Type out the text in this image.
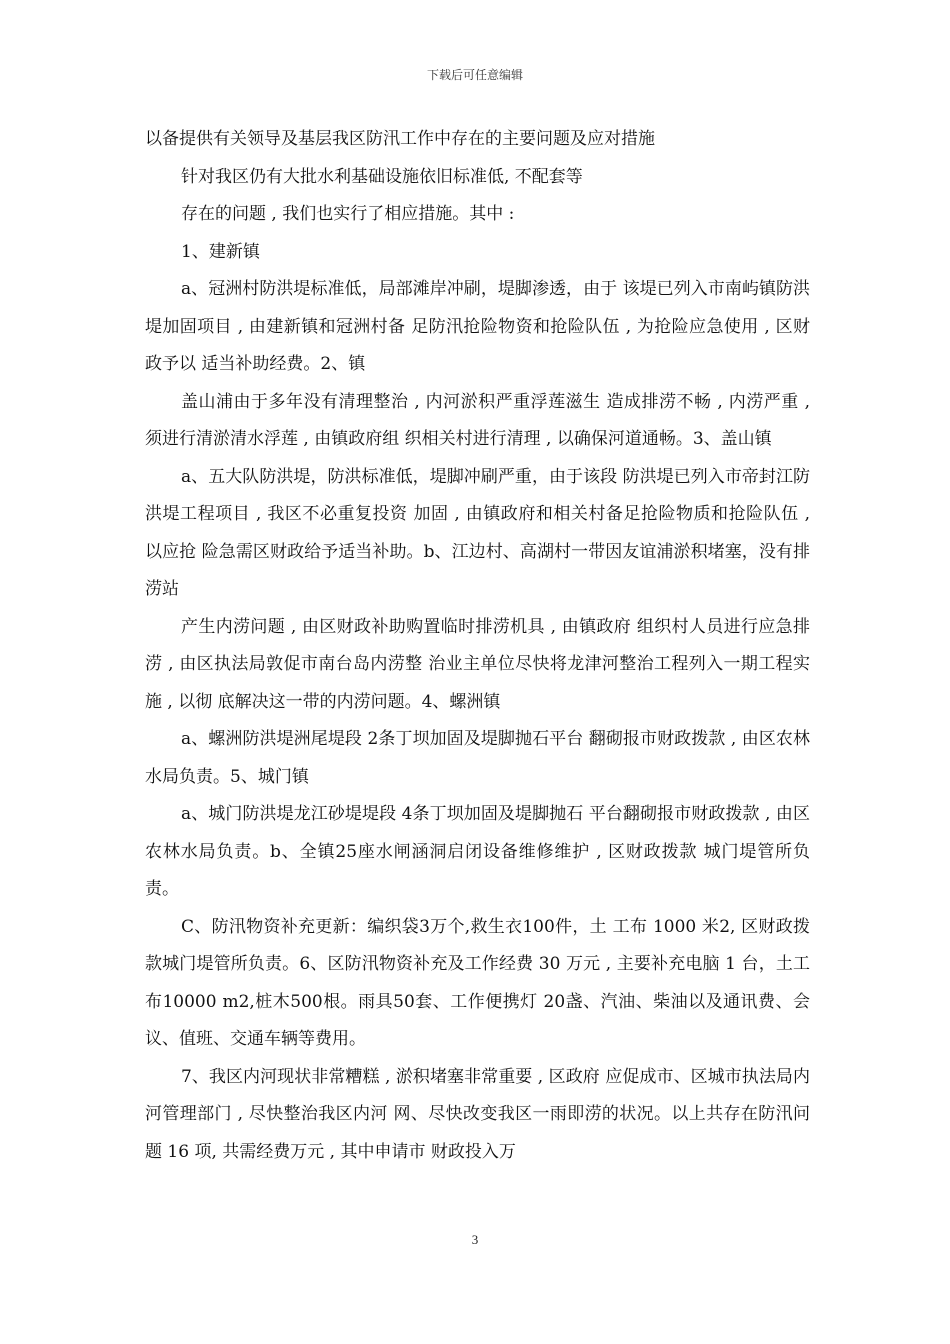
下载后可任意编辑

以备提供有关领导及基层我区防汛工作中存在的主要问题及应对措施

针对我区仍有大批水利基础设施依旧标准低, 不配套等

存在的问题 , 我们也实行了相应措施。其中 :

1、建新镇

a、冠洲村防洪堤标准低，局部滩岸冲刷，堤脚渗透，由于 该堤已列入市南屿镇防洪堤加固项目 , 由建新镇和冠洲村备 足防汛抢险物资和抢险队伍 , 为抢险应急使用 , 区财政予以 适当补助经费。2、镇

盖山浦由于多年没有清理整治 , 内河淤积严重浮莲滋生 造成排涝不畅 , 内涝严重 , 须进行清淤清水浮莲 , 由镇政府组 织相关村进行清理 , 以确保河道通畅。3、盖山镇

a、五大队防洪堤，防洪标准低，堤脚冲刷严重，由于该段 防洪堤已列入市帝封江防洪堤工程项目 , 我区不必重复投资 加固 , 由镇政府和相关村备足抢险物质和抢险队伍 , 以应抢 险急需区财政给予适当补助。b、江边村、高湖村一带因友谊浦淤积堵塞，没有排涝站

产生内涝问题 , 由区财政补助购置临时排涝机具 , 由镇政府 组织村人员进行应急排涝 , 由区执法局敦促市南台岛内涝整 治业主单位尽快将龙津河整治工程列入一期工程实施 , 以彻 底解决这一带的内涝问题。4、螺洲镇

a、螺洲防洪堤洲尾堤段 2条丁坝加固及堤脚抛石平台 翻砌报市财政拨款 , 由区农林水局负责。5、城门镇

a、城门防洪堤龙江砂堤堤段 4条丁坝加固及堤脚抛石 平台翻砌报市财政拨款 , 由区农林水局负责。b、全镇25座水闸涵洞启闭设备维修维护 , 区财政拨款 城门堤管所负责。

C、防汛物资补充更新：编织袋3万个,救生衣100件，土 工布 1000 米2, 区财政拨款城门堤管所负责。6、区防汛物资补充及工作经费 30 万元 , 主要补充电脑 1 台，土工布10000 m2,桩木500根。雨具50套、工作便携灯 20盏、汽油、柴油以及通讯费、会议、值班、交通车辆等费用。

7、我区内河现状非常糟糕 , 淤积堵塞非常重要 , 区政府 应促成市、区城市执法局内河管理部门 , 尽快整治我区内河 网、尽快改变我区一雨即涝的状况。以上共存在防汛问题 16 项, 共需经费万元 , 其中申请市 财政投入万

3
